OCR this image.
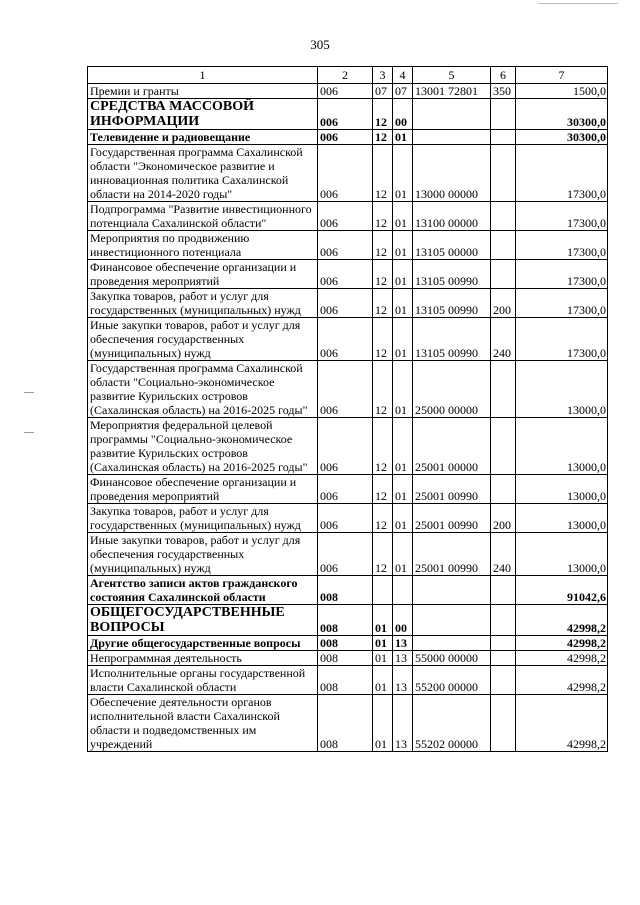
305
1	2	3	4	5	6	7
Премии и гранты	006	07	07	13001 72801	350	1500,0
СРЕДСТВА МАССОВОЙ ИНФОРМАЦИИ	006	12	00			30300,0
Телевидение и радиовещание	006	12	01			30300,0
Государственная программа Сахалинской области "Экономическое развитие и инновационная политика Сахалинской области на 2014-2020 годы"	006	12	01	13000 00000		17300,0
Подпрограмма "Развитие инвестиционного потенциала Сахалинской области"	006	12	01	13100 00000		17300,0
Мероприятия по продвижению инвестиционного потенциала	006	12	01	13105 00000		17300,0
Финансовое обеспечение организации и проведения мероприятий	006	12	01	13105 00990		17300,0
Закупка товаров, работ и услуг для государственных (муниципальных) нужд	006	12	01	13105 00990	200	17300,0
Иные закупки товаров, работ и услуг для обеспечения государственных (муниципальных) нужд	006	12	01	13105 00990	240	17300,0
Государственная программа Сахалинской области "Социально-экономическое развитие Курильских островов (Сахалинская область) на 2016-2025 годы"	006	12	01	25000 00000		13000,0
Мероприятия федеральной целевой программы "Социально-экономическое развитие Курильских островов (Сахалинская область) на 2016-2025 годы"	006	12	01	25001 00000		13000,0
Финансовое обеспечение организации и проведения мероприятий	006	12	01	25001 00990		13000,0
Закупка товаров, работ и услуг для государственных (муниципальных) нужд	006	12	01	25001 00990	200	13000,0
Иные закупки товаров, работ и услуг для обеспечения государственных (муниципальных) нужд	006	12	01	25001 00990	240	13000,0
Агентство записи актов гражданского состояния Сахалинской области	008					91042,6
ОБЩЕГОСУДАРСТВЕННЫЕ ВОПРОСЫ	008	01	00			42998,2
Другие общегосударственные вопросы	008	01	13			42998,2
Непрограммная деятельность	008	01	13	55000 00000		42998,2
Исполнительные органы государственной власти Сахалинской области	008	01	13	55200 00000		42998,2
Обеспечение деятельности органов исполнительной власти Сахалинской области и подведомственных им учреждений	008	01	13	55202 00000		42998,2
